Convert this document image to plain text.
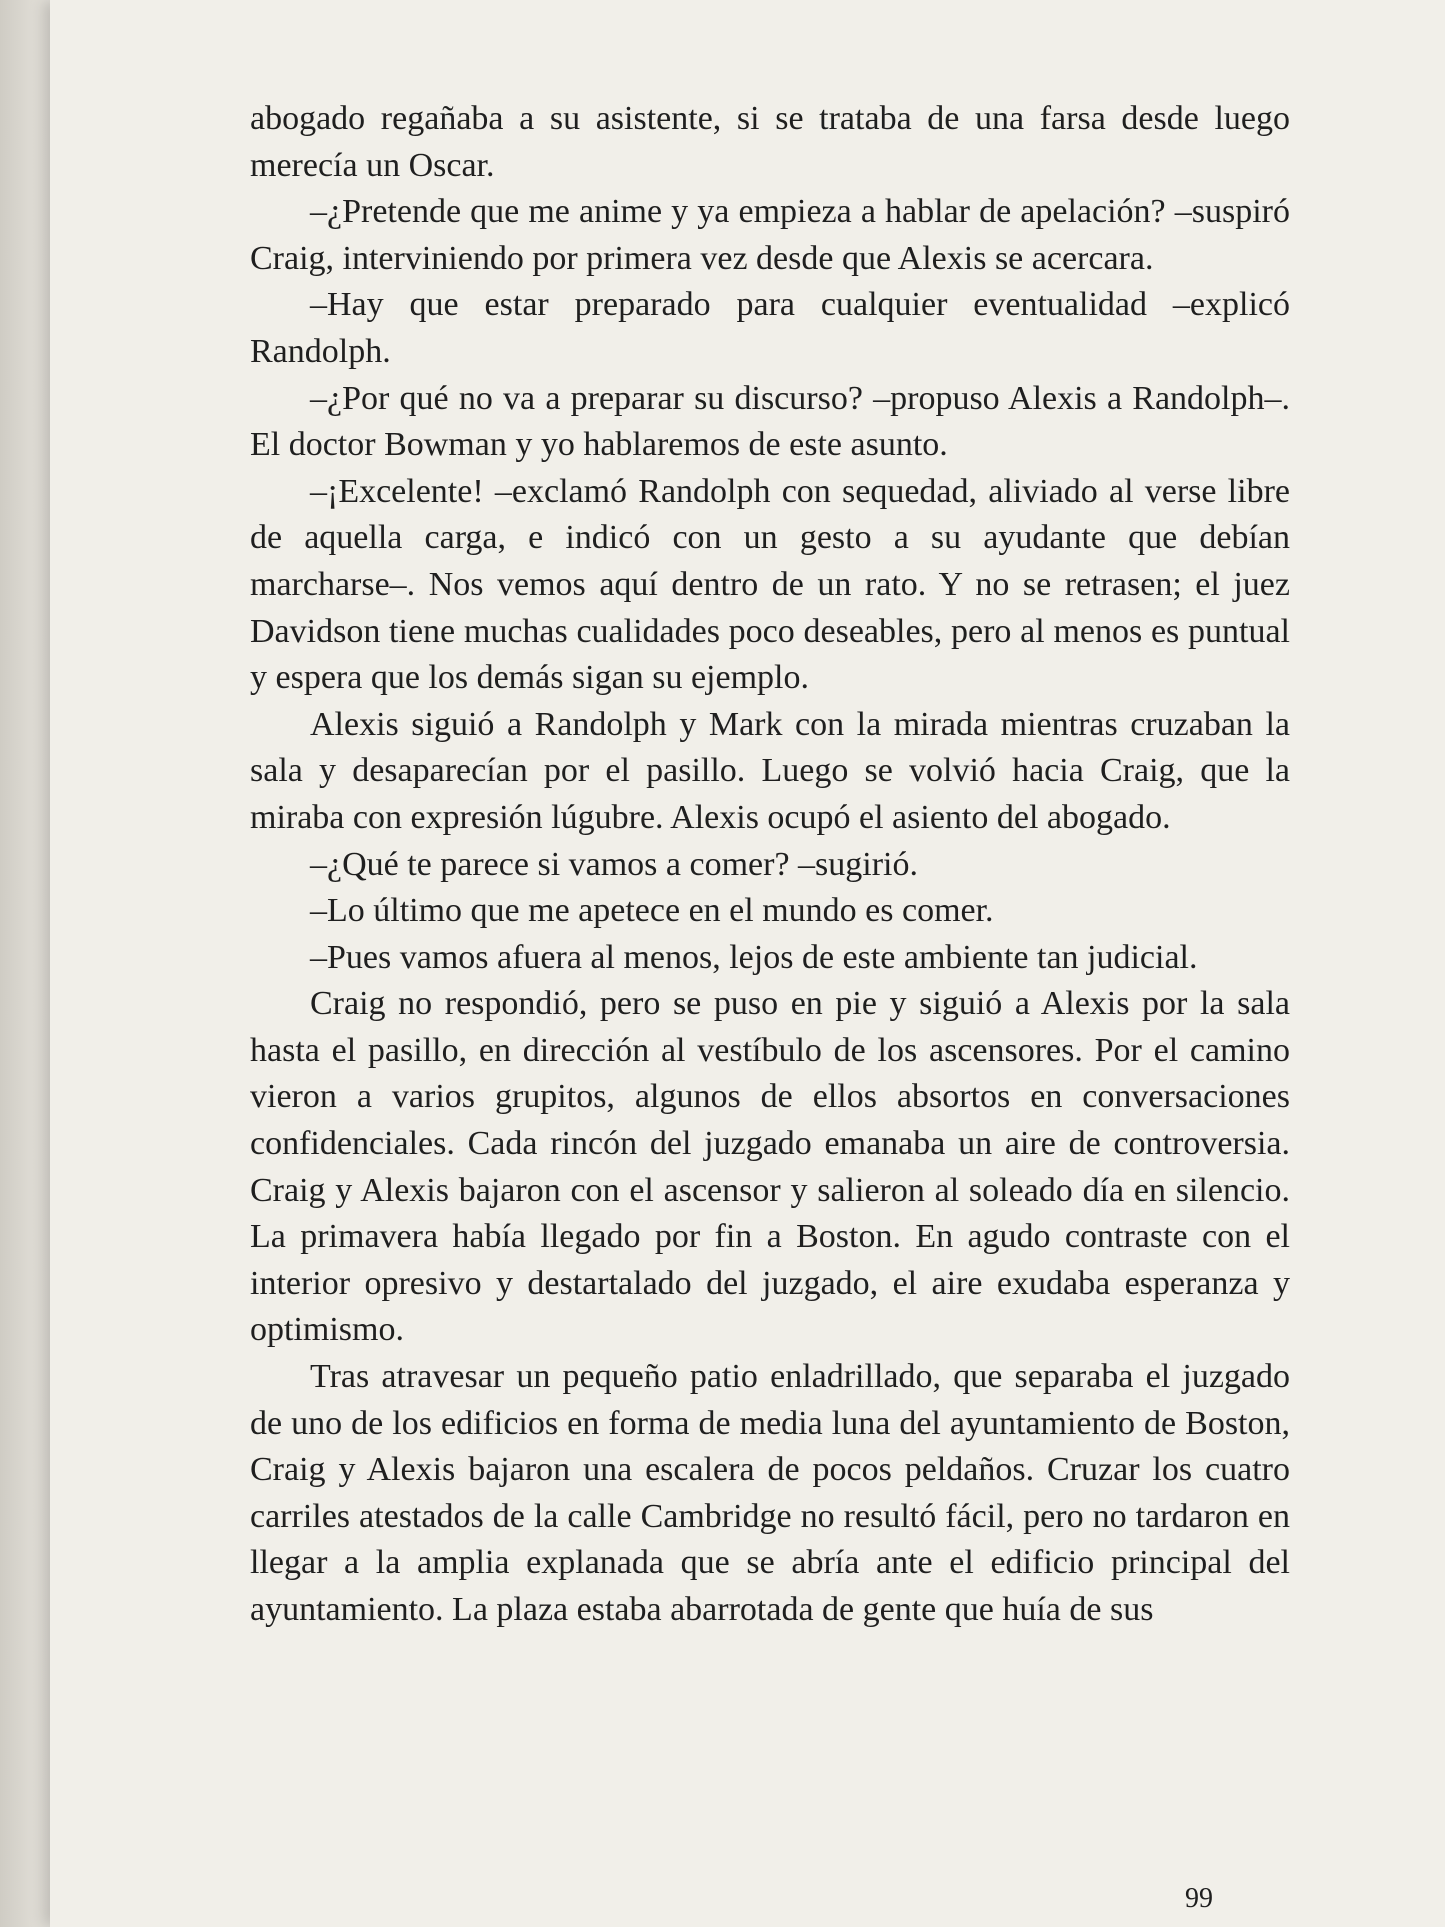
abogado regañaba a su asistente, si se trataba de una farsa desde luego merecía un Oscar.

–¿Pretende que me anime y ya empieza a hablar de apelación? –suspiró Craig, interviniendo por primera vez desde que Alexis se acercara.

–Hay que estar preparado para cualquier eventualidad –explicó Randolph.

–¿Por qué no va a preparar su discurso? –propuso Alexis a Randolph–. El doctor Bowman y yo hablaremos de este asunto.

–¡Excelente! –exclamó Randolph con sequedad, aliviado al verse libre de aquella carga, e indicó con un gesto a su ayudante que debían marcharse–. Nos vemos aquí dentro de un rato. Y no se retrasen; el juez Davidson tiene muchas cualidades poco deseables, pero al menos es puntual y espera que los demás sigan su ejemplo.

Alexis siguió a Randolph y Mark con la mirada mientras cruzaban la sala y desaparecían por el pasillo. Luego se volvió hacia Craig, que la miraba con expresión lúgubre. Alexis ocupó el asiento del abogado.

–¿Qué te parece si vamos a comer? –sugirió.

–Lo último que me apetece en el mundo es comer.

–Pues vamos afuera al menos, lejos de este ambiente tan judicial.

Craig no respondió, pero se puso en pie y siguió a Alexis por la sala hasta el pasillo, en dirección al vestíbulo de los ascensores. Por el camino vieron a varios grupitos, algunos de ellos absortos en conversaciones confidenciales. Cada rincón del juzgado emanaba un aire de controversia. Craig y Alexis bajaron con el ascensor y salieron al soleado día en silencio. La primavera había llegado por fin a Boston. En agudo contraste con el interior opresivo y destartalado del juzgado, el aire exudaba esperanza y optimismo.

Tras atravesar un pequeño patio enladrillado, que separaba el juzgado de uno de los edificios en forma de media luna del ayuntamiento de Boston, Craig y Alexis bajaron una escalera de pocos peldaños. Cruzar los cuatro carriles atestados de la calle Cambridge no resultó fácil, pero no tardaron en llegar a la amplia explanada que se abría ante el edificio principal del ayuntamiento. La plaza estaba abarrotada de gente que huía de sus

99
